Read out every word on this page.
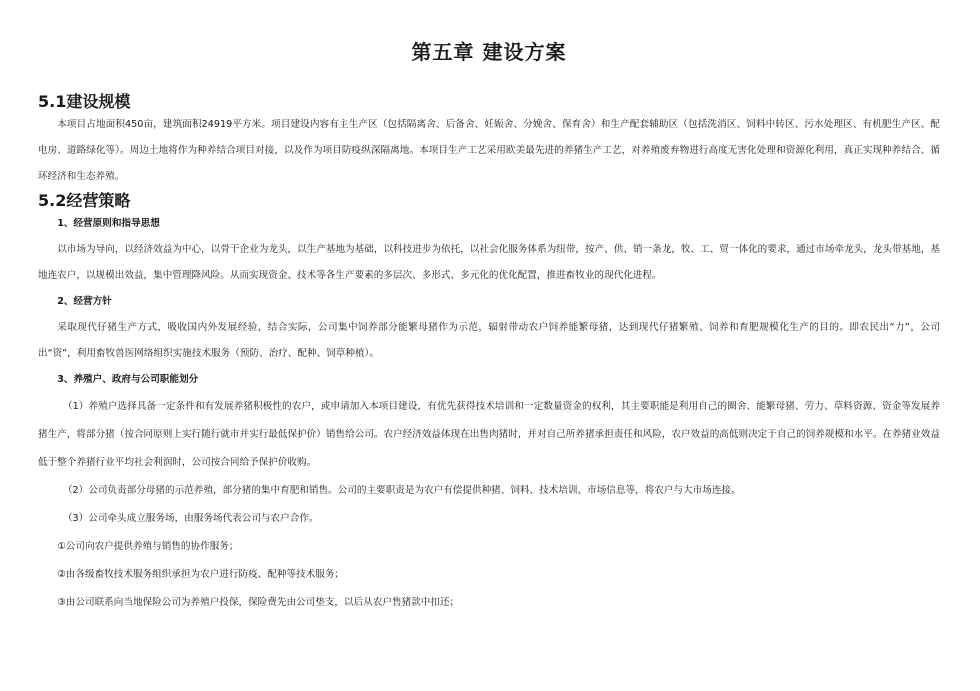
第五章 建设方案
5.1建设规模

本项目占地面积450亩，建筑面积24919平方米。项目建设内容有主生产区（包括隔离舍、后备舍、妊娠舍、分娩舍、保育舍）和生产配套辅助区（包括洗消区、饲料中转区、污水处理区、有机肥生产区、配电房、道路绿化等）。周边土地将作为种养结合项目对接，以及作为项目防疫纵深隔离地。本项目生产工艺采用欧美最先进的养猪生产工艺，对养殖废弃物进行高度无害化处理和资源化利用，真正实现种养结合、循环经济和生态养殖。

5.2经营策略

1、经营原则和指导思想

以市场为导向，以经济效益为中心，以骨干企业为龙头，以生产基地为基础，以科技进步为依托，以社会化服务体系为纽带，按产、供、销一条龙，牧、工、贸一体化的要求，通过市场牵龙头，龙头带基地，基地连农户，以规模出效益，集中管理降风险。从而实现资金、技术等各生产要素的多层次、多形式、多元化的优化配置，推进畜牧业的现代化进程。

2、经营方针

采取现代仔猪生产方式，吸收国内外发展经验，结合实际，公司集中饲养部分能繁母猪作为示范，辐射带动农户饲养能繁母猪，达到现代仔猪繁殖、饲养和育肥规模化生产的目的。即农民出“力”，公司出“资”，利用畜牧兽医网络组织实施技术服务（预防、治疗、配种、饲草种植）。

3、养殖户、政府与公司职能划分

（1）养殖户选择具备一定条件和有发展养猪积极性的农户，或申请加入本项目建设，有优先获得技术培训和一定数量资金的权利，其主要职能是利用自己的圈舍、能繁母猪、劳力、草料资源、资金等发展养猪生产，将部分猪（按合同原则上实行随行就市并实行最低保护价）销售给公司。农户经济效益体现在出售肉猪时，并对自己所养猪承担责任和风险，农户效益的高低则决定于自己的饲养规模和水平。在养猪业效益低于整个养猪行业平均社会利润时，公司按合同给予保护价收购。

（2）公司负责部分母猪的示范养殖，部分猪的集中育肥和销售。公司的主要职责是为农户有偿提供种猪、饲料、技术培训、市场信息等，将农户与大市场连接。

（3）公司牵头成立服务场，由服务场代表公司与农户合作。

①公司向农户提供养殖与销售的协作服务；

②由各级畜牧技术服务组织承担为农户进行防疫、配种等技术服务；

③由公司联系向当地保险公司为养殖户投保，保险费先由公司垫支，以后从农户售猪款中扣还；
